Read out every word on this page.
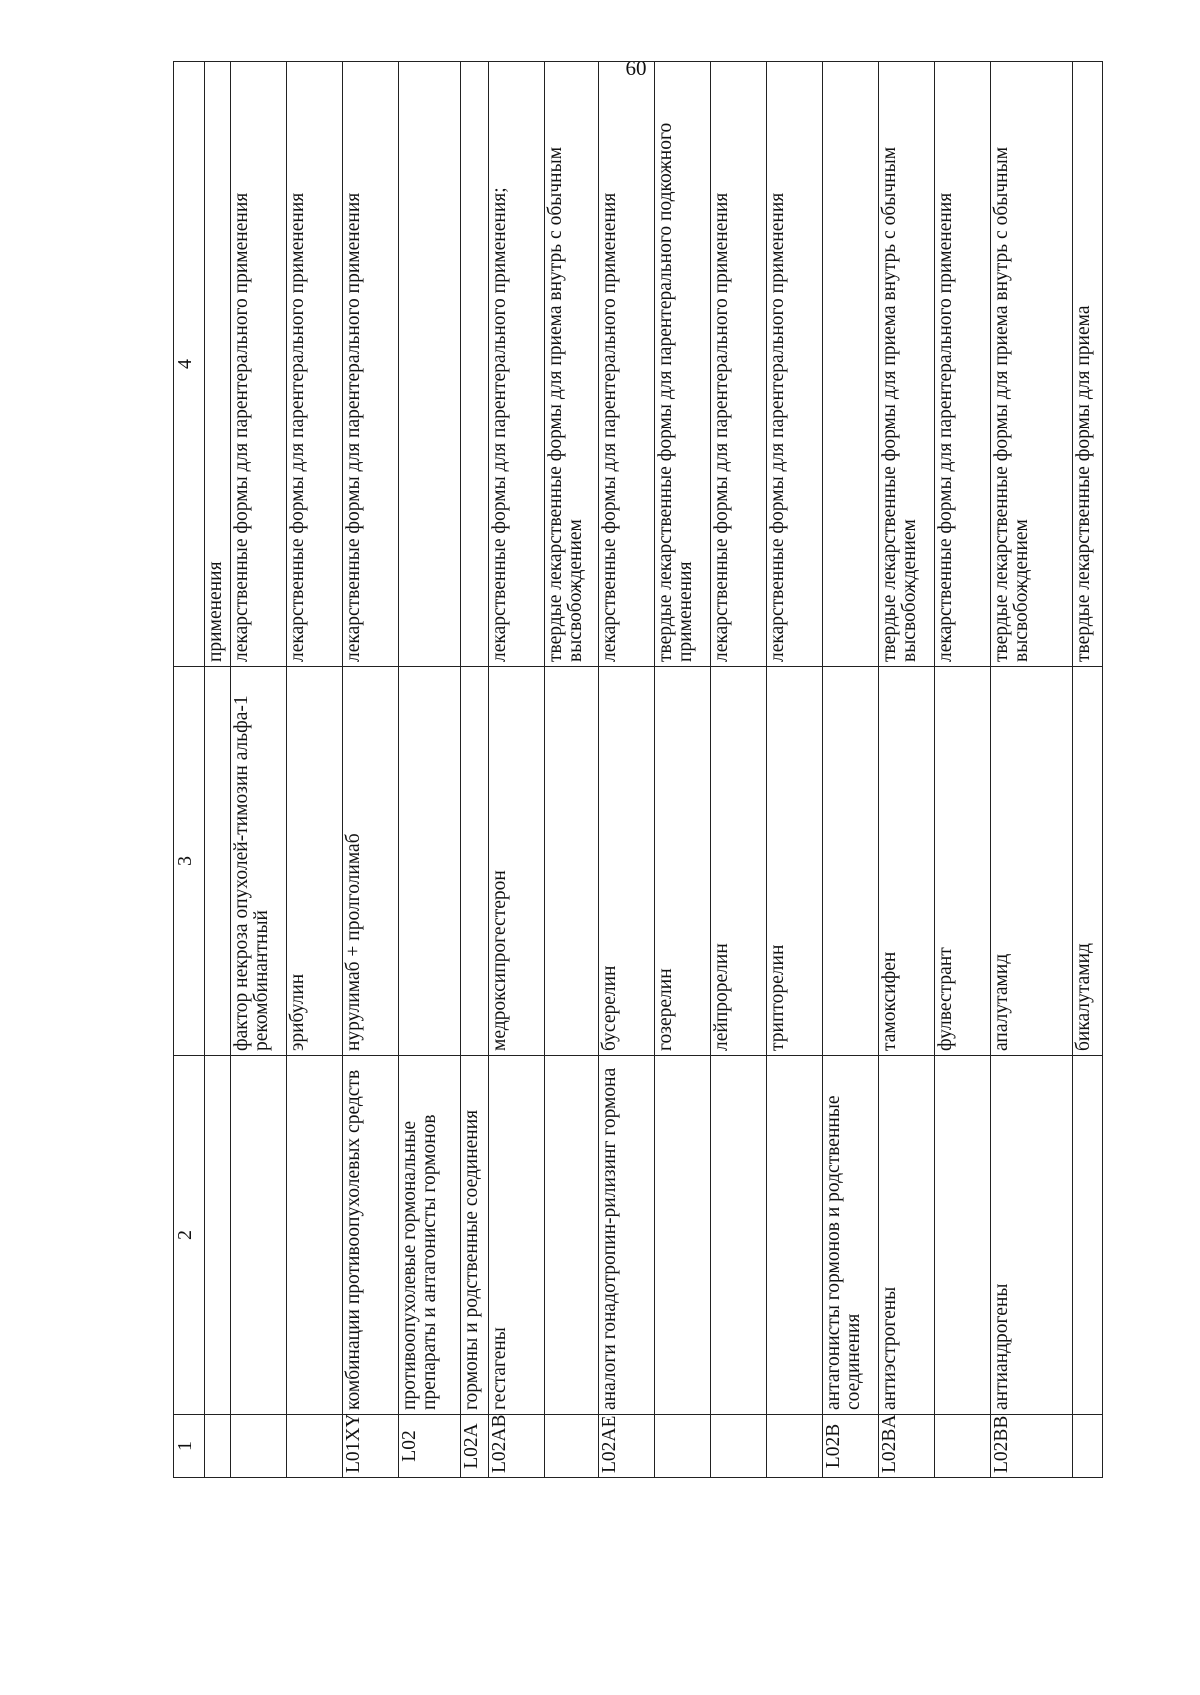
60
1	2	3	4
			применения
		фактор некроза опухолей-тимозин альфа-1 рекомбинантный	лекарственные формы для парентерального применения
		эрибулин	лекарственные формы для парентерального применения
L01XY	комбинации противоопухолевых средств	нурулимаб + пролголимаб	лекарственные формы для парентерального применения
L02	противоопухолевые гормональные препараты и антагонисты гормонов		
L02A	гормоны и родственные соединения		
L02AB	гестагены	медроксипрогестерон	лекарственные формы для парентерального применения;
			твердые лекарственные формы для приема внутрь с обычным высвобождением
L02AE	аналоги гонадотропин-рилизинг гормона	бусерелин	лекарственные формы для парентерального применения
		гозерелин	твердые лекарственные формы для парентерального подкожного применения
		лейпрорелин	лекарственные формы для парентерального применения
		трипторелин	лекарственные формы для парентерального применения
L02B	антагонисты гормонов и родственные соединения		
L02BA	антиэстрогены	тамоксифен	твердые лекарственные формы для приема внутрь с обычным высвобождением
		фулвестрант	лекарственные формы для парентерального применения
L02BB	антиандрогены	апалутамид	твердые лекарственные формы для приема внутрь с обычным высвобождением
		бикалутамид	твердые лекарственные формы для приема
